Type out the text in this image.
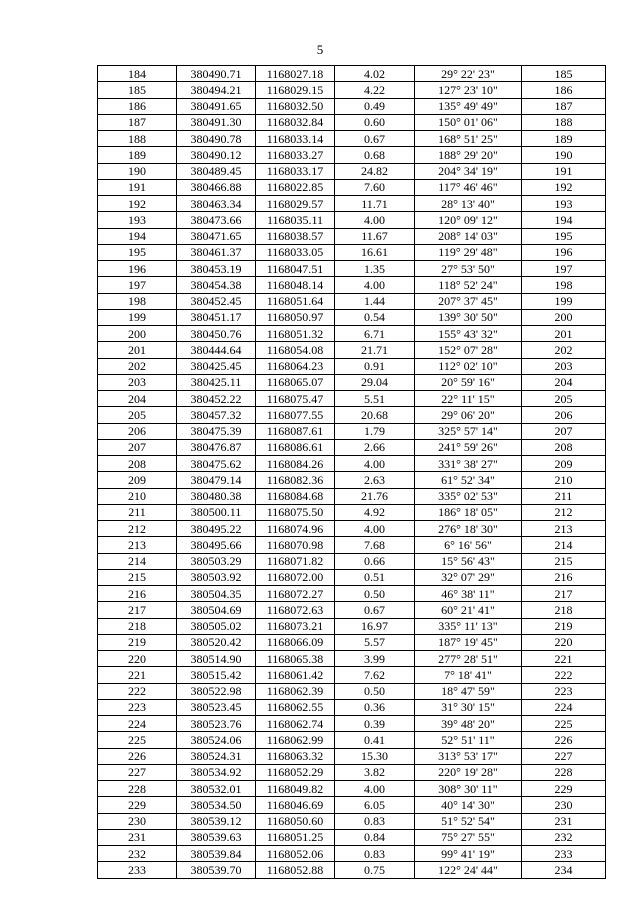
5
184	380490.71	1168027.18	4.02	29° 22' 23"	185
185	380494.21	1168029.15	4.22	127° 23' 10"	186
186	380491.65	1168032.50	0.49	135° 49' 49"	187
187	380491.30	1168032.84	0.60	150° 01' 06"	188
188	380490.78	1168033.14	0.67	168° 51' 25"	189
189	380490.12	1168033.27	0.68	188° 29' 20"	190
190	380489.45	1168033.17	24.82	204° 34' 19"	191
191	380466.88	1168022.85	7.60	117° 46' 46"	192
192	380463.34	1168029.57	11.71	28° 13' 40"	193
193	380473.66	1168035.11	4.00	120° 09' 12"	194
194	380471.65	1168038.57	11.67	208° 14' 03"	195
195	380461.37	1168033.05	16.61	119° 29' 48"	196
196	380453.19	1168047.51	1.35	27° 53' 50"	197
197	380454.38	1168048.14	4.00	118° 52' 24"	198
198	380452.45	1168051.64	1.44	207° 37' 45"	199
199	380451.17	1168050.97	0.54	139° 30' 50"	200
200	380450.76	1168051.32	6.71	155° 43' 32"	201
201	380444.64	1168054.08	21.71	152° 07' 28"	202
202	380425.45	1168064.23	0.91	112° 02' 10"	203
203	380425.11	1168065.07	29.04	20° 59' 16"	204
204	380452.22	1168075.47	5.51	22° 11' 15"	205
205	380457.32	1168077.55	20.68	29° 06' 20"	206
206	380475.39	1168087.61	1.79	325° 57' 14"	207
207	380476.87	1168086.61	2.66	241° 59' 26"	208
208	380475.62	1168084.26	4.00	331° 38' 27"	209
209	380479.14	1168082.36	2.63	61° 52' 34"	210
210	380480.38	1168084.68	21.76	335° 02' 53"	211
211	380500.11	1168075.50	4.92	186° 18' 05"	212
212	380495.22	1168074.96	4.00	276° 18' 30"	213
213	380495.66	1168070.98	7.68	6° 16' 56"	214
214	380503.29	1168071.82	0.66	15° 56' 43"	215
215	380503.92	1168072.00	0.51	32° 07' 29"	216
216	380504.35	1168072.27	0.50	46° 38' 11"	217
217	380504.69	1168072.63	0.67	60° 21' 41"	218
218	380505.02	1168073.21	16.97	335° 11' 13"	219
219	380520.42	1168066.09	5.57	187° 19' 45"	220
220	380514.90	1168065.38	3.99	277° 28' 51"	221
221	380515.42	1168061.42	7.62	7° 18' 41"	222
222	380522.98	1168062.39	0.50	18° 47' 59"	223
223	380523.45	1168062.55	0.36	31° 30' 15"	224
224	380523.76	1168062.74	0.39	39° 48' 20"	225
225	380524.06	1168062.99	0.41	52° 51' 11"	226
226	380524.31	1168063.32	15.30	313° 53' 17"	227
227	380534.92	1168052.29	3.82	220° 19' 28"	228
228	380532.01	1168049.82	4.00	308° 30' 11"	229
229	380534.50	1168046.69	6.05	40° 14' 30"	230
230	380539.12	1168050.60	0.83	51° 52' 54"	231
231	380539.63	1168051.25	0.84	75° 27' 55"	232
232	380539.84	1168052.06	0.83	99° 41' 19"	233
233	380539.70	1168052.88	0.75	122° 24' 44"	234
